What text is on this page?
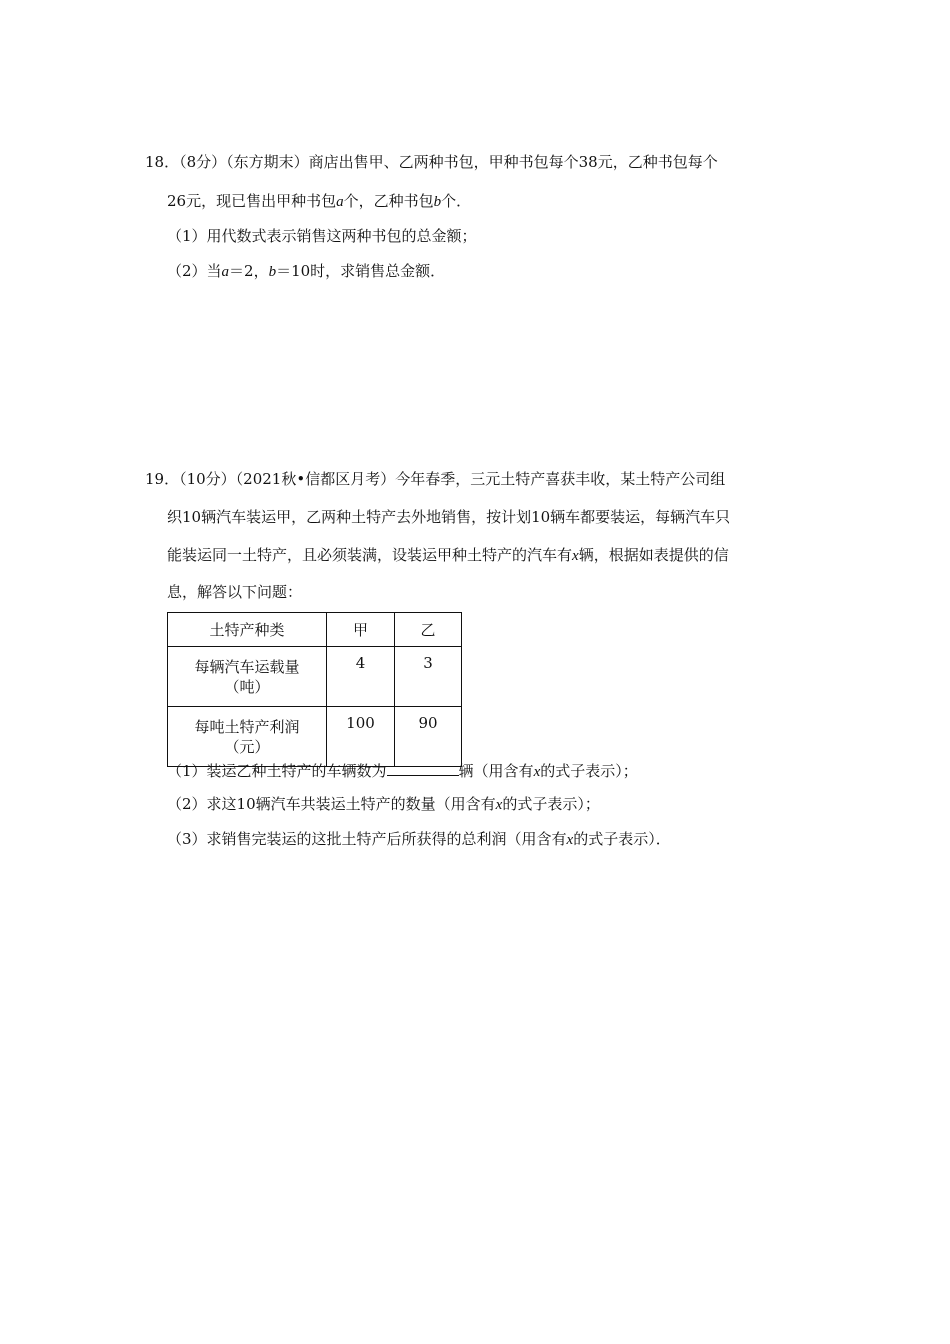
18．（8分）（东方期末）商店出售甲、乙两种书包，甲种书包每个38元，乙种书包每个
26元，现已售出甲种书包a个，乙种书包b个．
（1）用代数式表示销售这两种书包的总金额；
（2）当a＝2，b＝10时，求销售总金额．
19．（10分）（2021秋•信都区月考）今年春季，三元土特产喜获丰收，某土特产公司组
织10辆汽车装运甲，乙两种土特产去外地销售，按计划10辆车都要装运，每辆汽车只
能装运同一土特产，且必须装满，设装运甲种土特产的汽车有x辆，根据如表提供的信
息，解答以下问题：
土特产种类	甲	乙

每辆汽车运载量
（吨）	4	3

每吨土特产利润
（元）	100	90
（1）装运乙种土特产的车辆数为	辆（用含有x的式子表示）；
（2）求这10辆汽车共装运土特产的数量（用含有x的式子表示）；
（3）求销售完装运的这批土特产后所获得的总利润（用含有x的式子表示）．
